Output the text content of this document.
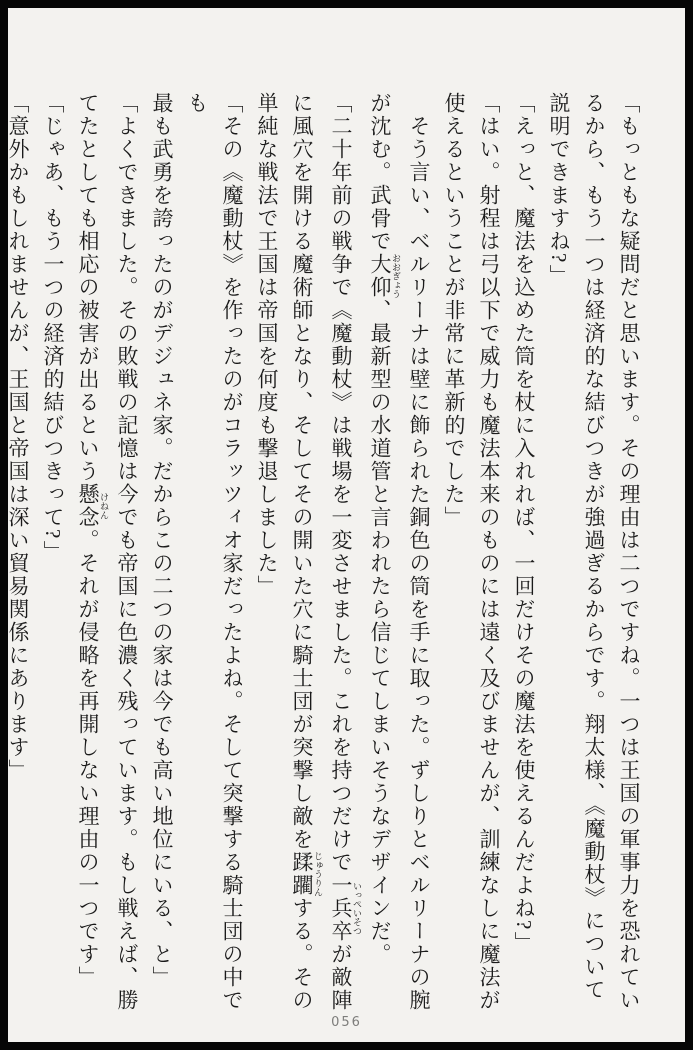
「もっともな疑問だと思います。その理由は二つですね。一つは王国の軍事力を恐れてい
るから、もう一つは経済的な結びつきが強過ぎるからです。翔太様、《魔動杖》について
説明できますね?」
「えっと、魔法を込めた筒を杖に入れれば、一回だけその魔法を使えるんだよね?」
「はい。射程は弓以下で威力も魔法本来のものには遠く及びませんが、訓練なしに魔法が
使えるということが非常に革新的でした」
そう言い、ベルリーナは壁に飾られた銅色の筒を手に取った。ずしりとベルリーナの腕
が沈む。武骨で大仰 おおぎょう、最新型の水道管と言われたら信じてしまいそうなデザインだ。
「二十年前の戦争で《魔動杖》は戦場を一変させました。これを持つだけで一兵卒 いっぺいそつが敵陣
に風穴を開ける魔術師となり、そしてその開いた穴に騎士団が突撃し敵を蹂躙 じゅうりんする。その
単純な戦法で王国は帝国を何度も撃退しました」
「その《魔動杖》を作ったのがコラッツィオ家だったよね。そして突撃する騎士団の中でも
最も武勇を誇ったのがデジュネ家。だからこの二つの家は今でも高い地位にいる、と」
「よくできました。その敗戦の記憶は今でも帝国に色濃く残っています。もし戦えば、勝
てたとしても相応の被害が出るという懸念 けねん。それが侵略を再開しない理由の一つです」
「じゃあ、もう一つの経済的結びつきって?」
「意外かもしれませんが、王国と帝国は深い貿易関係にあります」
056
